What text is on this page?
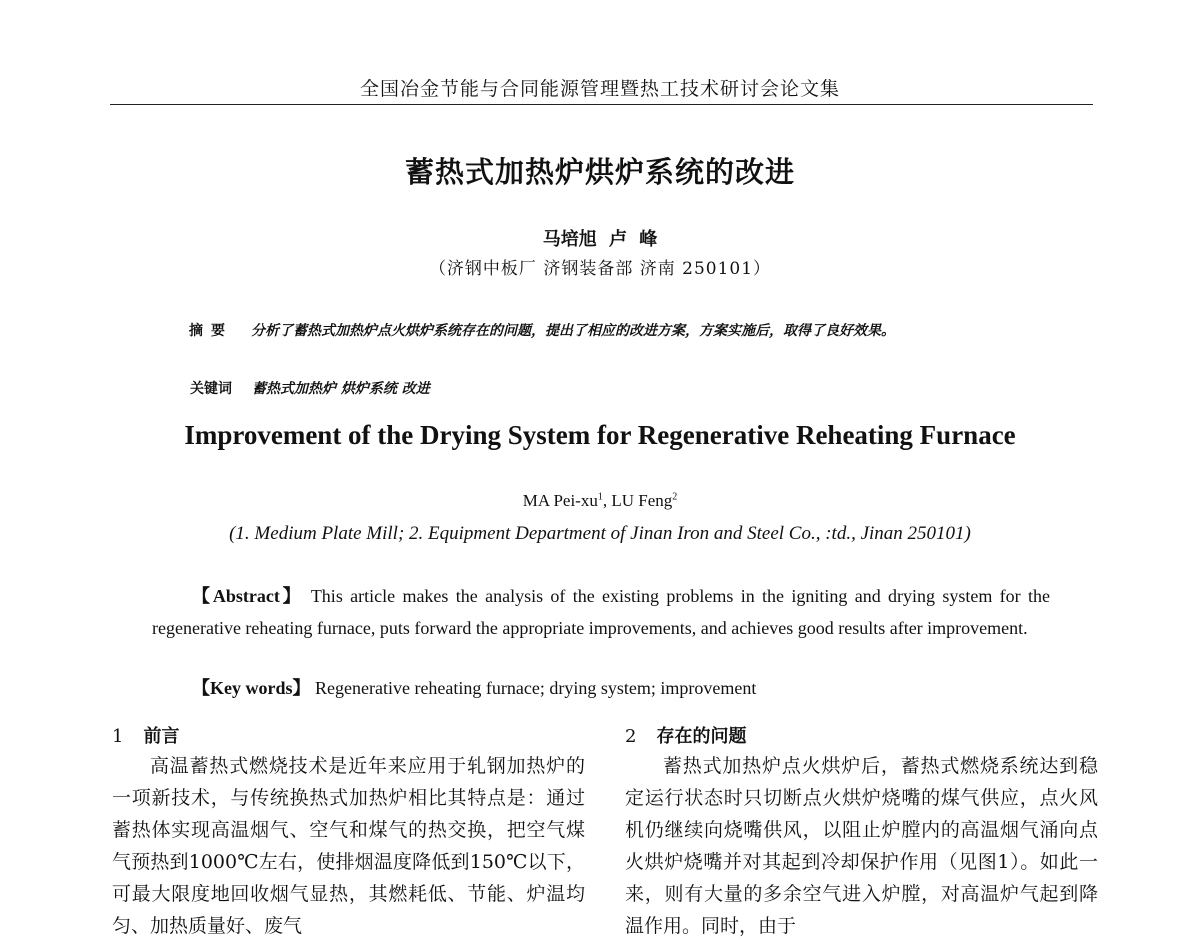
全国冶金节能与合同能源管理暨热工技术研讨会论文集
蓄热式加热炉烘炉系统的改进
马培旭 卢 峰
（济钢中板厂 济钢装备部 济南 250101）
摘要 分析了蓄热式加热炉点火烘炉系统存在的问题，提出了相应的改进方案，方案实施后，取得了良好效果。
关键词 蓄热式加热炉 烘炉系统 改进
Improvement of the Drying System for Regenerative Reheating Furnace
MA Pei-$xu^1$, LU Feng$^2$
(1. Medium Plate Mill; 2. Equipment Department of Jinan Iron and Steel Co., :td., Jinan 250101)
【Abstract】 This article makes the analysis of the existing problems in the igniting and drying system for the regenerative reheating furnace, puts forward the appropriate improvements, and achieves good results after improvement.
【Key words】 Regenerative reheating furnace; drying system; improvement
1 前言
高温蓄热式燃烧技术是近年来应用于轧钢加热炉的一项新技术，与传统换热式加热炉相比其特点是：通过蓄热体实现高温烟气、空气和煤气的热交换，把空气煤气预热到1000℃左右，使排烟温度降低到150℃以下，可最大限度地回收烟气显热，其燃耗低、节能、炉温均匀、加热质量好、废气
2 存在的问题
蓄热式加热炉点火烘炉后，蓄热式燃烧系统达到稳定运行状态时只切断点火烘炉烧嘴的煤气供应，点火风机仍继续向烧嘴供风，以阻止炉膛内的高温烟气涌向点火烘炉烧嘴并对其起到冷却保护作用（见图1）。如此一来，则有大量的多余空气进入炉膛，对高温炉气起到降温作用。同时，由于
